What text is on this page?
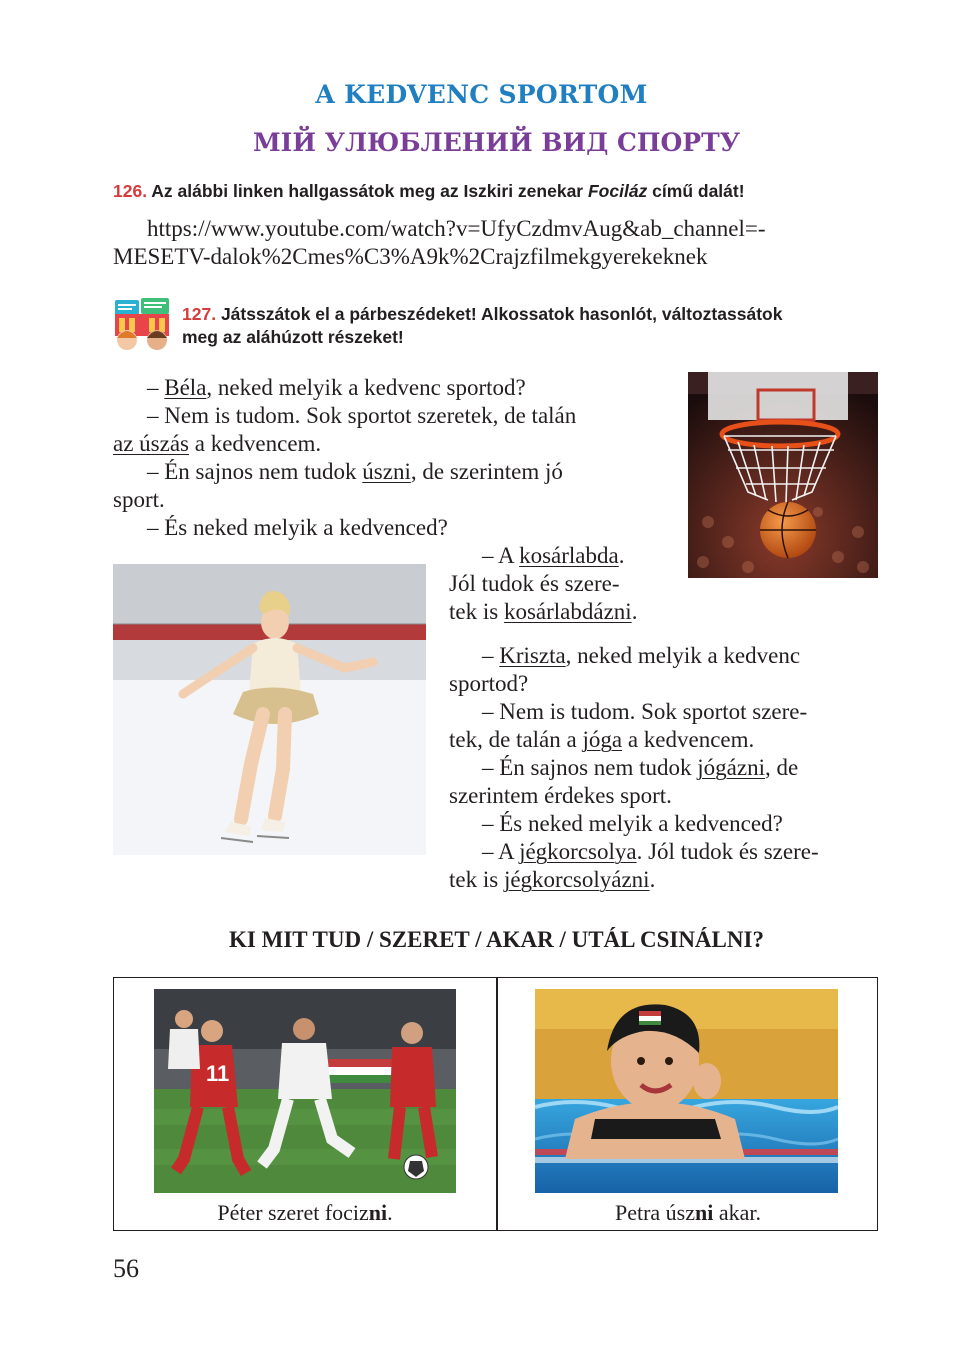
A KEDVENC SPORTOM
МІЙ УЛЮБЛЕНИЙ ВИД СПОРТУ
126. Az alábbi linken hallgassátok meg az Iszkiri zenekar Fociláz című dalát!
https://www.youtube.com/watch?v=UfyCzdmvAug&ab_channel=-
MESETV-dalok%2Cmes%C3%A9k%2Crajzfilmekgyerekeknek
127. Játsszátok el a párbeszédeket! Alkossatok hasonlót, változtassátok
meg az aláhúzott részeket!
– Béla, neked melyik a kedvenc sportod?
– Nem is tudom. Sok sportot szeretek, de talán
az úszás a kedvencem.
– Én sajnos nem tudok úszni, de szerintem jó
sport.
– És neked melyik a kedvenced?
– A kosárlabda.
Jól tudok és szere-
tek is kosárlabdázni.
– Kriszta, neked melyik a kedvenc
sportod?
– Nem is tudom. Sok sportot szere-
tek, de talán a jóga a kedvencem.
– Én sajnos nem tudok jógázni, de
szerintem érdekes sport.
– És neked melyik a kedvenced?
– A jégkorcsolya. Jól tudok és szere-
tek is jégkorcsolyázni.
KI MIT TUD / SZERET / AKAR / UTÁL CSINÁLNI?
11
Péter szeret focizni.	Petra úszni akar.
56
